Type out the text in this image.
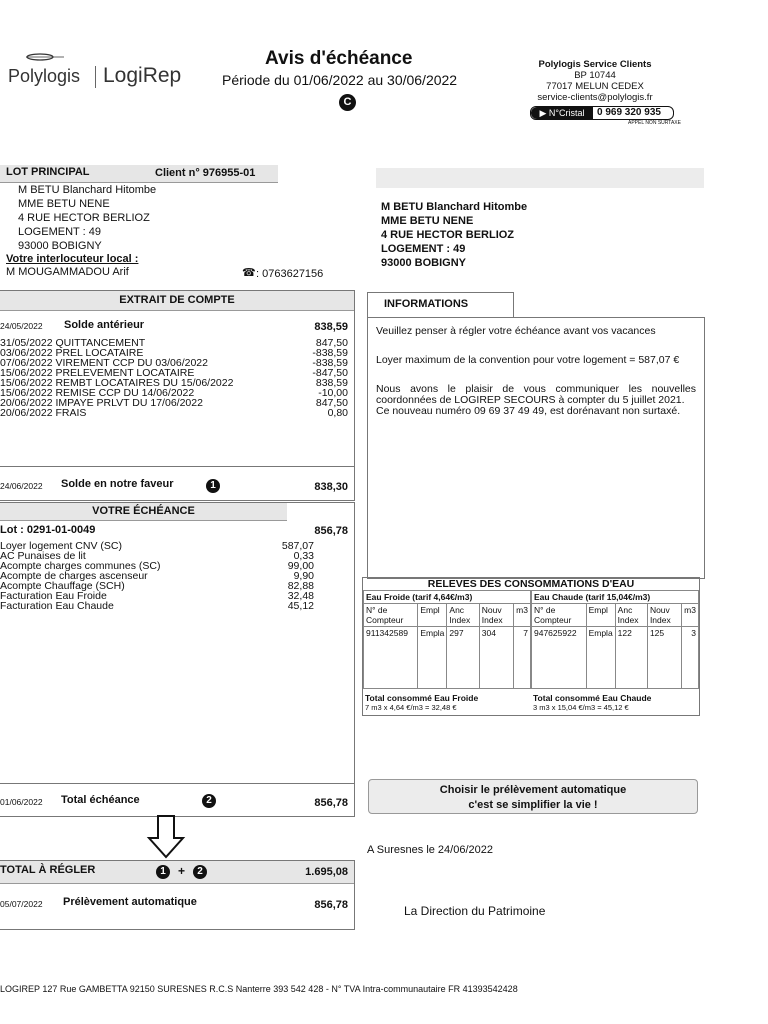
Polylogis LogiRep
Avis d'échéance
Période du 01/06/2022 au 30/06/2022
C
Polylogis Service Clients
BP 10744
77017 MELUN CEDEX
service-clients@polylogis.fr
▶ N°Cristal	0 969 320 935
APPEL NON SURTAXE
LOT PRINCIPAL	Client n° 976955-01
M BETU Blanchard Hitombe
MME BETU NENE
4 RUE HECTOR BERLIOZ
LOGEMENT : 49
93000 BOBIGNY
Votre interlocuteur local :
M MOUGAMMADOU Arif	☎ : 0763627156
M BETU Blanchard Hitombe
MME BETU NENE
4 RUE HECTOR BERLIOZ
LOGEMENT : 49
93000 BOBIGNY
EXTRAIT DE COMPTE
24/05/2022 Solde antérieur	838,59
31/05/2022 QUITTANCEMENT	847,50
03/06/2022 PREL LOCATAIRE	-838,59
07/06/2022 VIREMENT CCP DU 03/06/2022	-838,59
15/06/2022 PRELEVEMENT LOCATAIRE	-847,50
15/06/2022 REMBT LOCATAIRES DU 15/06/2022	838,59
15/06/2022 REMISE CCP DU 14/06/2022	-10,00
20/06/2022 IMPAYE PRLVT DU 17/06/2022	847,50
20/06/2022 FRAIS	0,80
24/06/2022 Solde en notre faveur	1	838,30
VOTRE ÉCHÉANCE
Lot : 0291-01-0049	856,78
Loyer logement CNV (SC)	587,07
AC Punaises de lit	0,33
Acompte charges communes (SC)	99,00
Acompte de charges ascenseur	9,90
Acompte Chauffage (SCH)	82,88
Facturation Eau Froide	32,48
Facturation Eau Chaude	45,12
01/06/2022 Total échéance	2	856,78
TOTAL À RÉGLER	1	+	2	1.695,08
05/07/2022 Prélèvement automatique	856,78
INFORMATIONS
Veuillez penser à régler votre échéance avant vos vacances
Loyer maximum de la convention pour votre logement = 587,07 €
Nous avons le plaisir de vous communiquer les nouvelles coordonnées de LOGIREP SECOURS à compter du 5 juillet 2021.
Ce nouveau numéro 09 69 37 49 49, est dorénavant non surtaxé.
RELEVES DES CONSOMMATIONS D'EAU
Eau Froide (tarif 4,64€/m3)				
N° de Compteur	Empl	Anc Index	Nouv Index	m3
911342589	Empla	297	304	7
Eau Chaude (tarif 15,04€/m3)				
N° de Compteur	Empl	Anc Index	Nouv Index	m3
947625922	Empla	122	125	3
Total consommé Eau Froide
7 m3 x 4,64 €/m3 = 32,48 €
Total consommé Eau Chaude
3 m3 x 15,04 €/m3 = 45,12 €
Choisir le prélèvement automatique
c'est se simplifier la vie !
A Suresnes le 24/06/2022
La Direction du Patrimoine
LOGIREP 127 Rue GAMBETTA 92150 SURESNES R.C.S Nanterre 393 542 428 - N° TVA Intra-communautaire FR 41393542428
